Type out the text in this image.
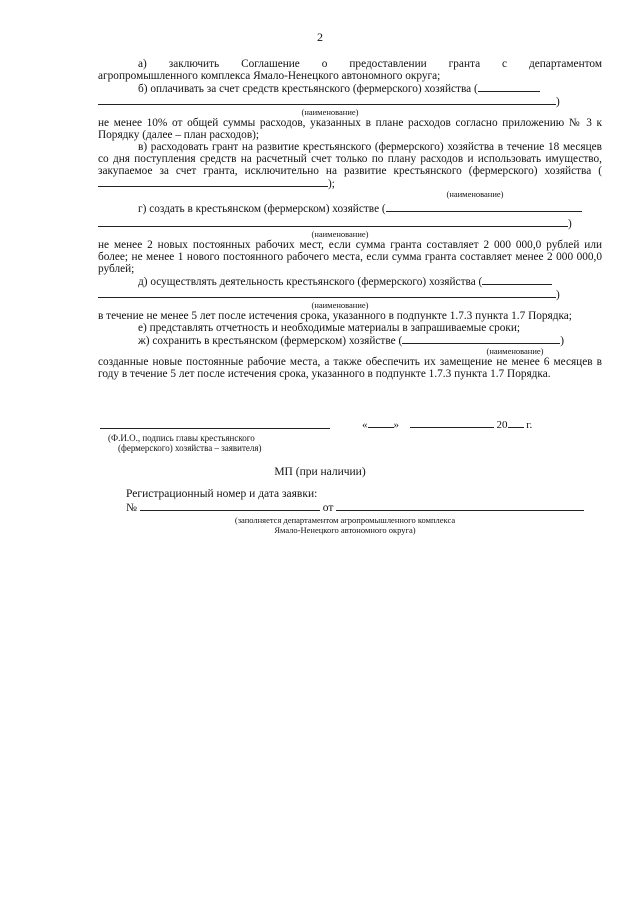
2

а) заключить Соглашение о предоставлении гранта с департаментом

агропромышленного комплекса Ямало-Ненецкого автономного округа;

б) оплачивать за счет средств крестьянского (фермерского) хозяйства (

)

(наименование)

не менее 10% от общей суммы расходов, указанных в плане расходов согласно приложению № 3 к Порядку (далее – план расходов);

в) расходовать грант на развитие крестьянского (фермерского) хозяйства в течение 18 месяцев со дня поступления средств на расчетный счет только по плану расходов и использовать имущество, закупаемое за счет гранта, исключительно на развитие крестьянского (фермерского) хозяйства ();

(наименование)

г) создать в крестьянском (фермерском) хозяйстве (

)

(наименование)

не менее 2 новых постоянных рабочих мест, если сумма гранта составляет 2 000 000,0 рублей или более; не менее 1 нового постоянного рабочего места, если сумма гранта составляет менее 2 000 000,0 рублей;

д) осуществлять деятельность крестьянского (фермерского) хозяйства (

)

(наименование)

в течение не менее 5 лет после истечения срока, указанного в подпункте 1.7.3 пункта 1.7 Порядка;

е) представлять отчетность и необходимые материалы в запрашиваемые сроки;

ж) сохранить в крестьянском (фермерском) хозяйстве (	)

(наименование)

созданные новые постоянные рабочие места, а также обеспечить их замещение не менее 6 месяцев в году в течение 5 лет после истечения срока, указанного в подпункте 1.7.3 пункта 1.7 Порядка.

(Ф.И.О., подпись главы крестьянского
(фермерского) хозяйства – заявителя)
« »	20 г.
МП (при наличии)
Регистрационный номер и дата заявки:
№	от
(заполняется департаментом агропромышленного комплекса
Ямало-Ненецкого автономного округа)
